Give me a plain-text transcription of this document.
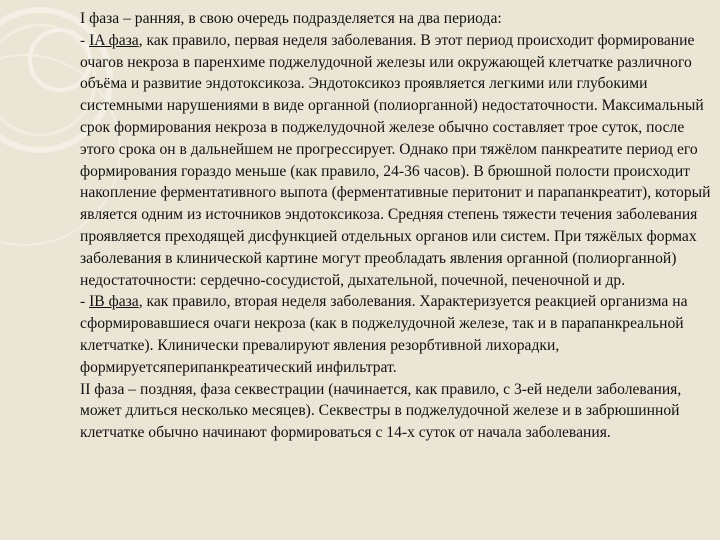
I фаза – ранняя, в свою очередь подразделяется на два периода:

- IA фаза, как правило, первая неделя заболевания. В этот период происходит формирование очагов некроза в паренхиме поджелудочной железы или окружающей клетчатке различного объёма и развитие эндотоксикоза. Эндотоксикоз проявляется легкими или глубокими системными нарушениями в виде органной (полиорганной) недостаточности. Максимальный срок формирования некроза в поджелудочной железе обычно составляет трое суток, после этого срока он в дальнейшем не прогрессирует. Однако при тяжёлом панкреатите период его формирования гораздо меньше (как правило, 24-36 часов). В брюшной полости происходит накопление ферментативного выпота (ферментативные перитонит и парапанкреатит), который является одним из источников эндотоксикоза. Средняя степень тяжести течения заболевания проявляется преходящей дисфункцией отдельных органов или систем. При тяжёлых формах заболевания в клинической картине могут преобладать явления органной (полиорганной) недостаточности: сердечно-сосудистой, дыхательной, почечной, печеночной и др.

- IB фаза, как правило, вторая неделя заболевания. Характеризуется реакцией организма на сформировавшиеся очаги некроза (как в поджелудочной железе, так и в парапанкреальной клетчатке). Клинически превалируют явления резорбтивной лихорадки, формируетсяперипанкреатический инфильтрат.

II фаза – поздняя, фаза секвестрации (начинается, как правило, с 3-ей недели заболевания, может длиться несколько месяцев). Секвестры в поджелудочной железе и в забрюшинной клетчатке обычно начинают формироваться с 14-х суток от начала заболевания.
